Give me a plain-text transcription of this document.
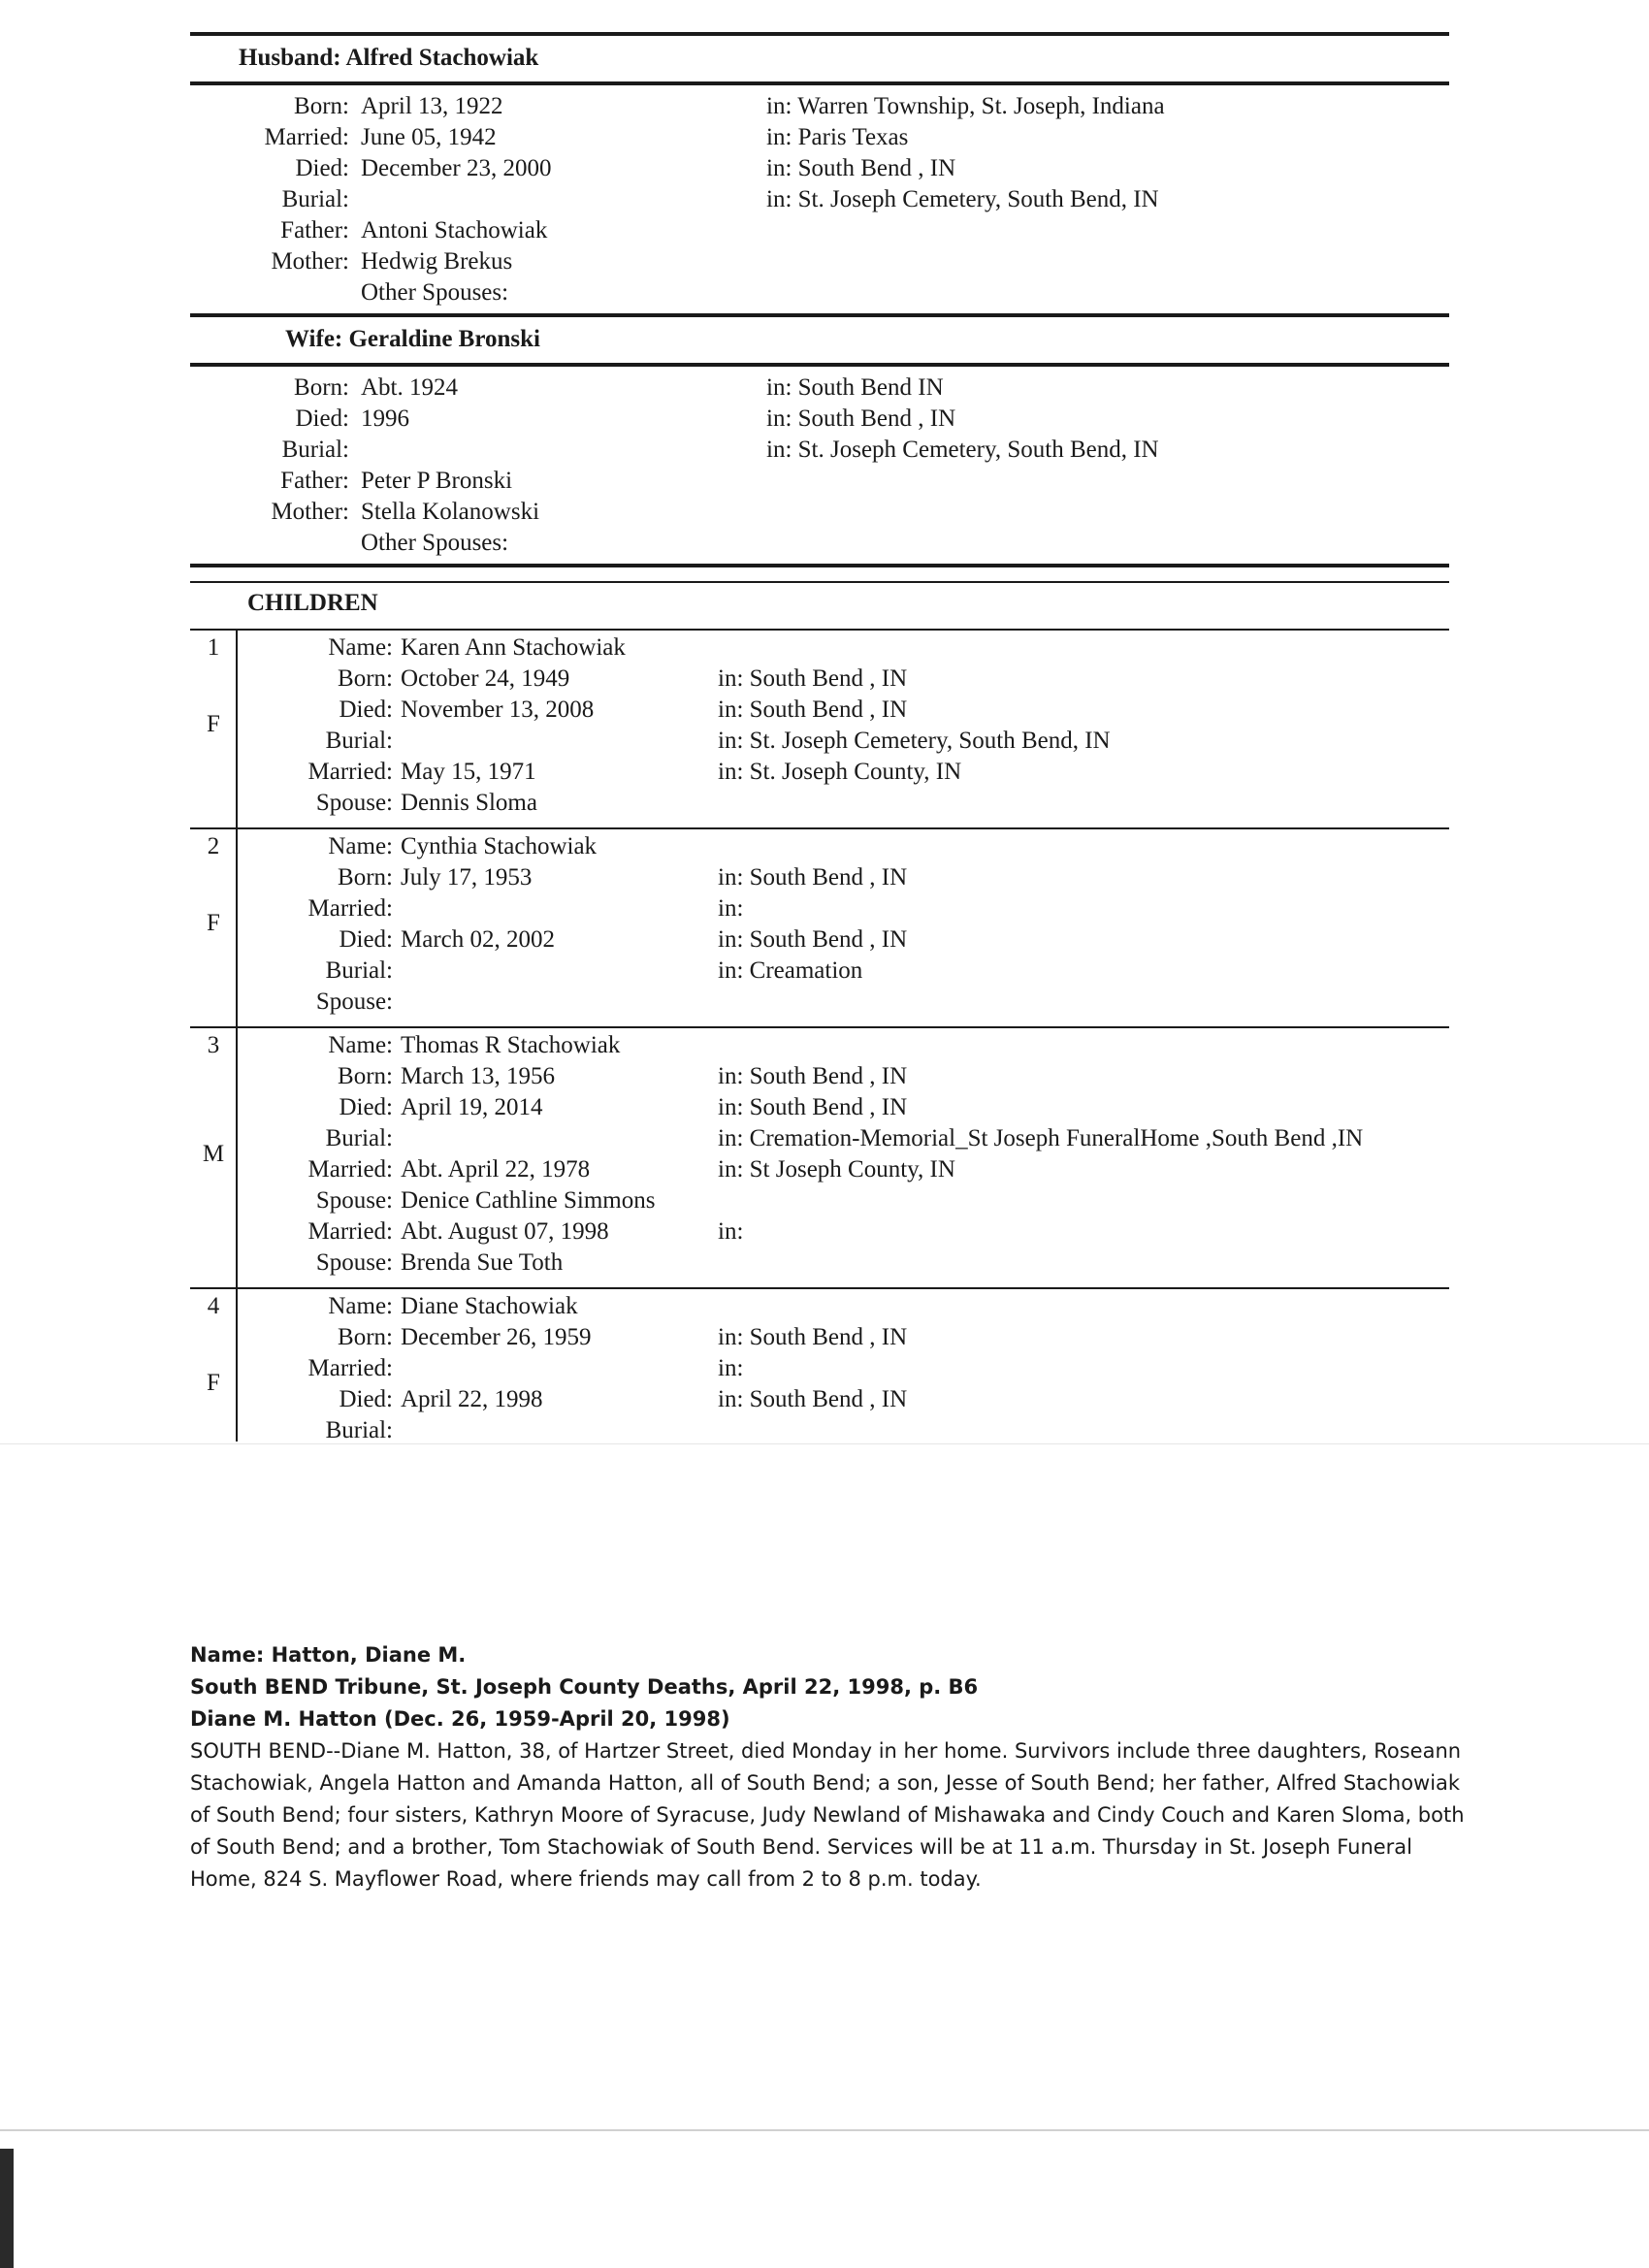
Husband: Alfred Stachowiak
Born: April 13, 1922	in: Warren Township, St. Joseph, Indiana
Married: June 05, 1942	in: Paris Texas
Died: December 23, 2000	in: South Bend , IN
Burial:	in: St. Joseph Cemetery, South Bend, IN
Father: Antoni Stachowiak
Mother: Hedwig Brekus
Other Spouses:
Wife: Geraldine Bronski
Born: Abt. 1924	in: South Bend IN
Died: 1996	in: South Bend , IN
Burial:	in: St. Joseph Cemetery, South Bend, IN
Father: Peter P Bronski
Mother: Stella Kolanowski
Other Spouses:
CHILDREN
1
F
Name: Karen Ann Stachowiak
Born: October 24, 1949	in: South Bend , IN
Died: November 13, 2008	in: South Bend , IN
Burial:	in: St. Joseph Cemetery, South Bend, IN
Married: May 15, 1971	in: St. Joseph County, IN
Spouse: Dennis Sloma
2
F
Name: Cynthia Stachowiak
Born: July 17, 1953	in: South Bend , IN
Married:	in:
Died: March 02, 2002	in: South Bend , IN
Burial:	in: Creamation
Spouse:
3
M
Name: Thomas R Stachowiak
Born: March 13, 1956	in: South Bend , IN
Died: April 19, 2014	in: South Bend , IN
Burial:	in: Cremation-Memorial_St Joseph FuneralHome ,South Bend ,IN
Married: Abt. April 22, 1978	in: St Joseph County, IN
Spouse: Denice Cathline Simmons
Married: Abt. August 07, 1998	in:
Spouse: Brenda Sue Toth
4
F
Name: Diane Stachowiak
Born: December 26, 1959	in: South Bend , IN
Married:	in:
Died: April 22, 1998	in: South Bend , IN
Burial:

Name: Hatton, Diane M.

South BEND Tribune, St. Joseph County Deaths, April 22, 1998, p. B6

Diane M. Hatton (Dec. 26, 1959-April 20, 1998)

SOUTH BEND--Diane M. Hatton, 38, of Hartzer Street, died Monday in her home. Survivors include three daughters, Roseann Stachowiak, Angela Hatton and Amanda Hatton, all of South Bend; a son, Jesse of South Bend; her father, Alfred Stachowiak of South Bend; four sisters, Kathryn Moore of Syracuse, Judy Newland of Mishawaka and Cindy Couch and Karen Sloma, both of South Bend; and a brother, Tom Stachowiak of South Bend. Services will be at 11 a.m. Thursday in St. Joseph Funeral Home, 824 S. Mayflower Road, where friends may call from 2 to 8 p.m. today.
